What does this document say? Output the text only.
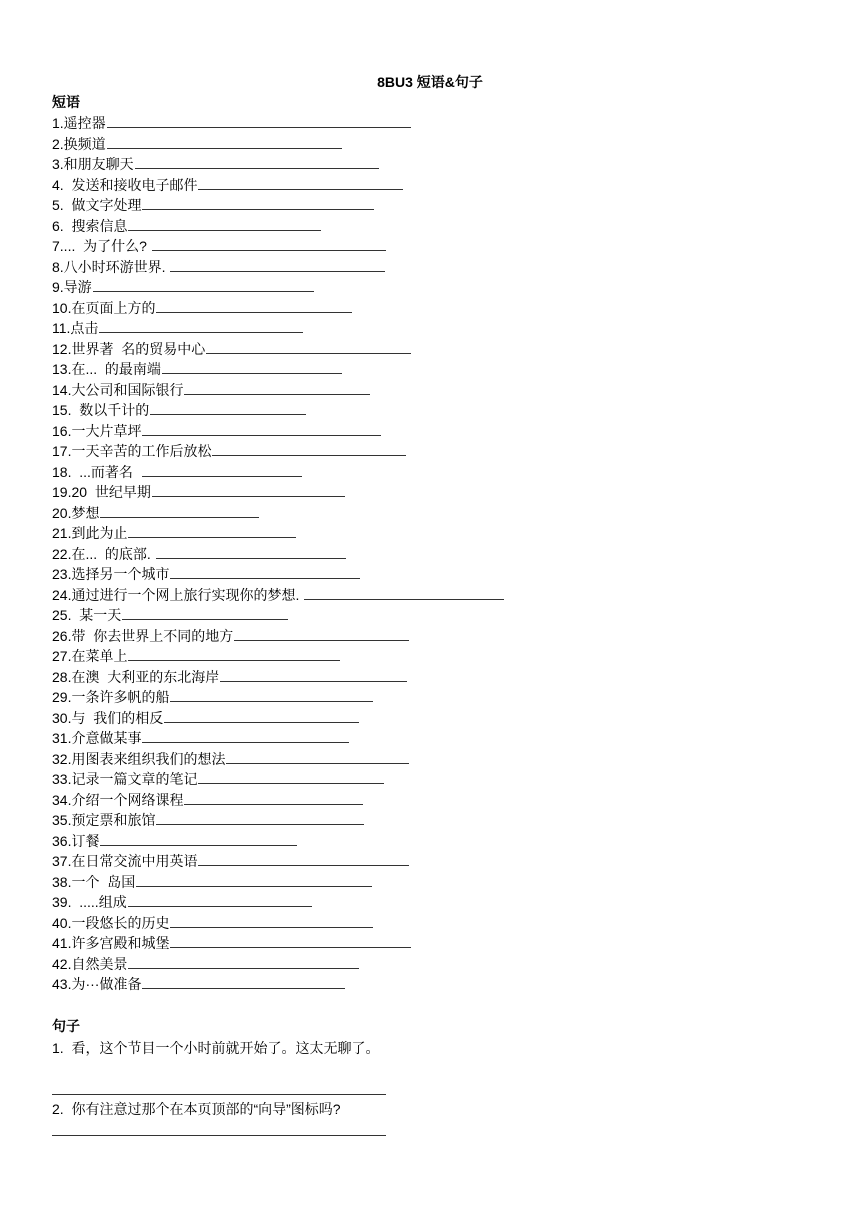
8BU3 短语&句子
短语
1.遥控器
2.换频道
3.和朋友聊天
4.  发送和接收电子邮件
5.  做文字处理
6.  搜索信息
7....  为了什么?
8.八小时环游世界.
9.导游
10.在页面上方的
11.点击
12.世界著  名的贸易中心
13.在...  的最南端
14.大公司和国际银行
15.  数以千计的
16.一大片草坪
17.一天辛苦的工作后放松
18.  ...而著名
19.20  世纪早期
20.梦想
21.到此为止
22.在...  的底部.
23.选择另一个城市
24.通过进行一个网上旅行实现你的梦想.
25.  某一天
26.带  你去世界上不同的地方
27.在菜单上
28.在澳  大利亚的东北海岸
29.一条许多帆的船
30.与  我们的相反
31.介意做某事
32.用图表来组织我们的想法
33.记录一篇文章的笔记
34.介绍一个网络课程
35.预定票和旅馆
36.订餐
37.在日常交流中用英语
38.一个  岛国
39.  .....组成
40.一段悠长的历史
41.许多宫殿和城堡
42.自然美景
43.为···做准备
句子
1.  看，这个节目一个小时前就开始了。这太无聊了。
2.  你有注意过那个在本页顶部的“向导”图标吗?
